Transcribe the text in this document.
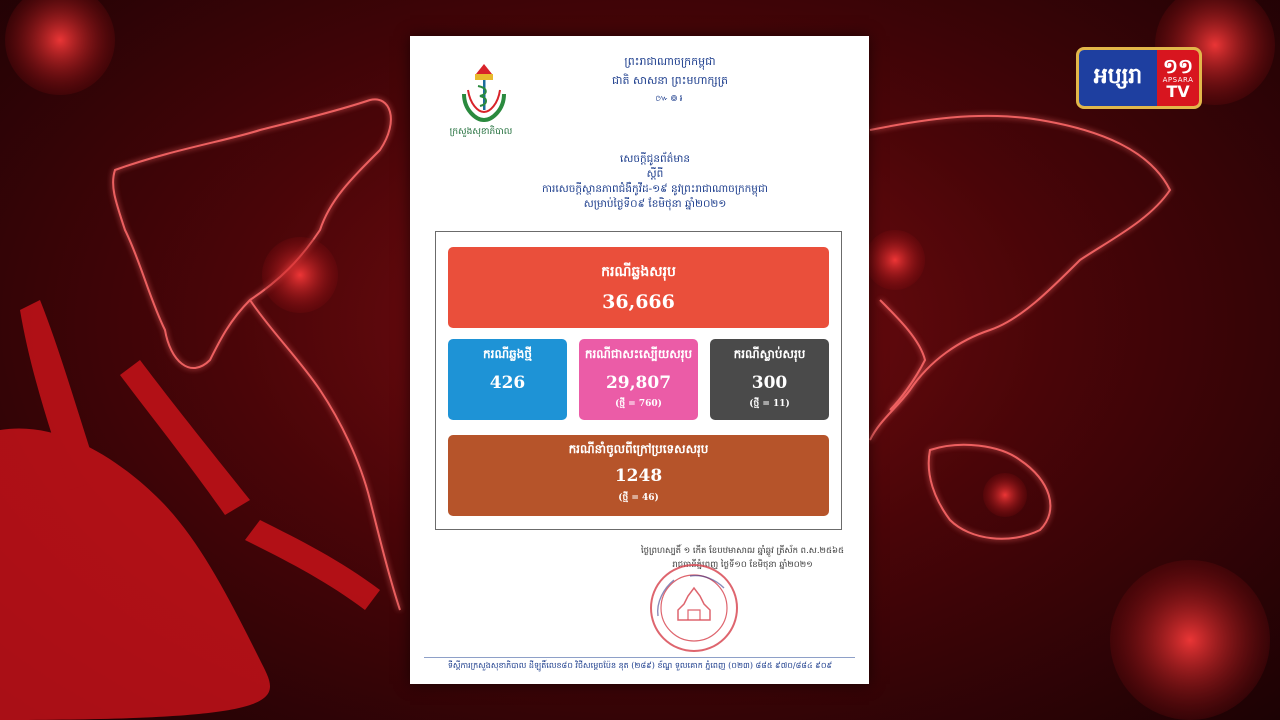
អប្សរា	១១
APSARA
TV
ក្រសួងសុខាភិបាល
ព្រះរាជាណាចក្រកម្ពុជា
ជាតិ សាសនា ព្រះមហាក្សត្រ
៚៙៛
សេចក្តីជូនព័ត៌មាន
ស្តីពី
ការសេចក្តីស្ថានភាពជំងឺកូវីដ-១៩ នូវព្រះរាជាណាចក្រកម្ពុជា
សម្រាប់ថ្ងៃទី០៩ ខែមិថុនា ឆ្នាំ២០២១
ករណីឆ្លងសរុប
36,666
ករណីឆ្លងថ្មី
426
ករណីជាសះស្បើយសរុប
29,807
(ថ្មី = 760)
ករណីស្លាប់សរុប
300
(ថ្មី = 11)
ករណីនាំចូលពីក្រៅប្រទេសសរុប
1248
(ថ្មី = 46)
ថ្ងៃព្រហស្បតិ៍ ១ កើត ខែបឋមាសាឍ ឆ្នាំឆ្លូវ ត្រីស័ក ព.ស.២៥៦៥
រាជធានីភ្នំពេញ ថ្ងៃទី១០ ខែមិថុនា ឆ្នាំ២០២១
ទីស្តីការក្រសួងសុខាភិបាល ដីឡូតិ៍លេខ៨០ វិថីសម្តេចប៉ែន នុត (២៨៩) ខ័ណ្ឌ ទួលគោក ភ្នំពេញ (០២៣) ៨៨៥ ៩៧០/៨៨៤ ៩០៩
